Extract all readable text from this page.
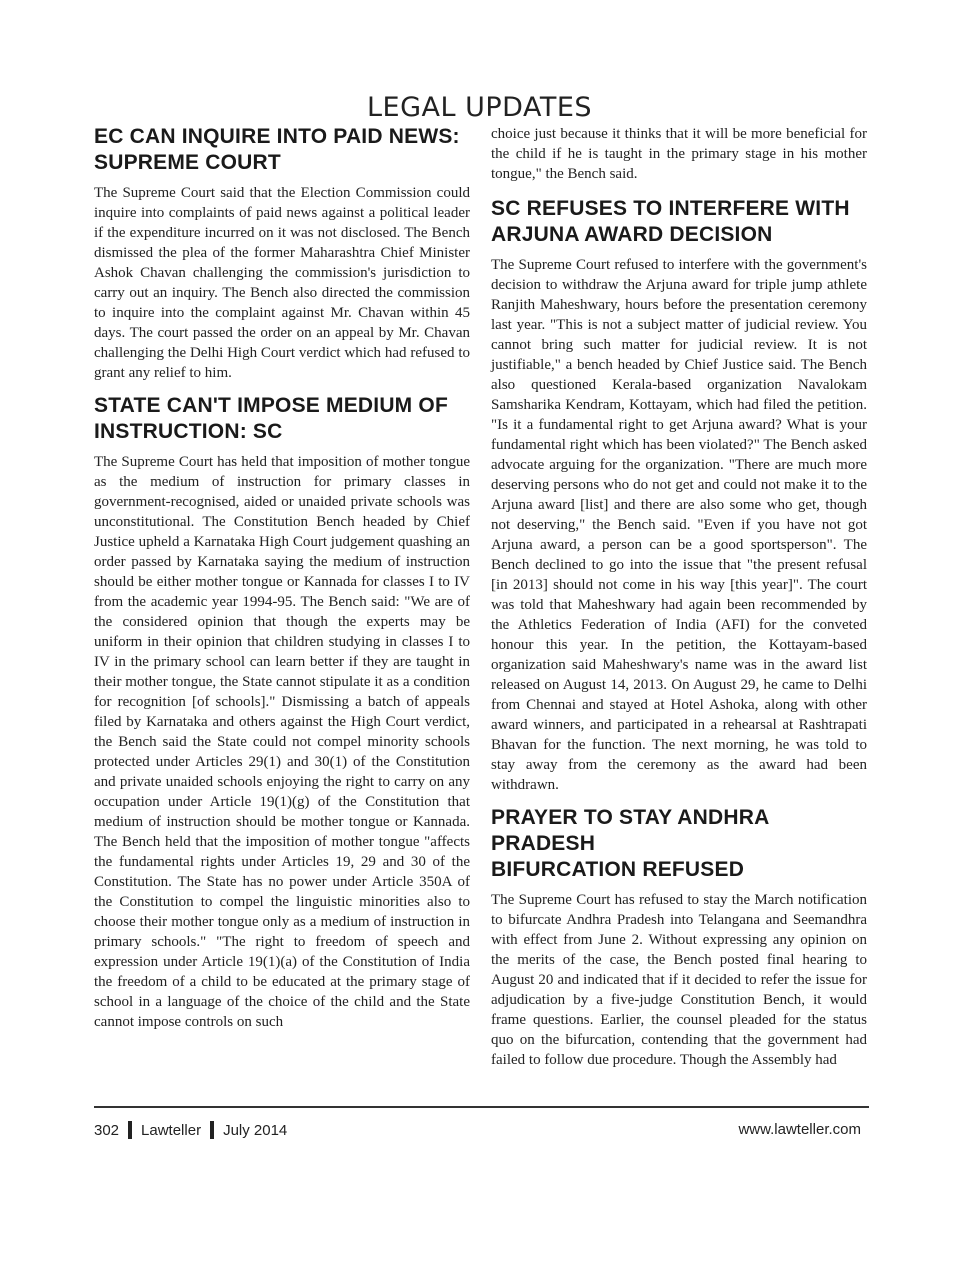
LEGAL UPDATES
EC CAN INQUIRE INTO PAID NEWS:
SUPREME COURT

The Supreme Court said that the Election Commission could inquire into complaints of paid news against a political leader if the expenditure incurred on it was not disclosed. The Bench dismissed the plea of the former Maharashtra Chief Minister Ashok Chavan challenging the commission's jurisdiction to carry out an inquiry. The Bench also directed the commission to inquire into the complaint against Mr. Chavan within 45 days. The court passed the order on an appeal by Mr. Chavan challenging the Delhi High Court verdict which had refused to grant any relief to him.

STATE CAN'T IMPOSE MEDIUM OF
INSTRUCTION: SC

The Supreme Court has held that imposition of mother tongue as the medium of instruction for primary classes in government-recognised, aided or unaided private schools was unconstitutional. The Constitution Bench headed by Chief Justice upheld a Karnataka High Court judgement quashing an order passed by Karnataka saying the medium of instruction should be either mother tongue or Kannada for classes I to IV from the academic year 1994-95. The Bench said: "We are of the considered opinion that though the experts may be uniform in their opinion that children studying in classes I to IV in the primary school can learn better if they are taught in their mother tongue, the State cannot stipulate it as a condition for recognition [of schools]." Dismissing a batch of appeals filed by Karnataka and others against the High Court verdict, the Bench said the State could not compel minority schools protected under Articles 29(1) and 30(1) of the Constitution and private unaided schools enjoying the right to carry on any occupation under Article 19(1)(g) of the Constitution that medium of instruction should be mother tongue or Kannada. The Bench held that the imposition of mother tongue "affects the fundamental rights under Articles 19, 29 and 30 of the Constitution. The State has no power under Article 350A of the Constitution to compel the linguistic minorities also to choose their mother tongue only as a medium of instruction in primary schools." "The right to freedom of speech and expression under Article 19(1)(a) of the Constitution of India the freedom of a child to be educated at the primary stage of school in a language of the choice of the child and the State cannot impose controls on such

choice just because it thinks that it will be more beneficial for the child if he is taught in the primary stage in his mother tongue," the Bench said.

SC REFUSES TO INTERFERE WITH
ARJUNA AWARD DECISION

The Supreme Court refused to interfere with the government's decision to withdraw the Arjuna award for triple jump athlete Ranjith Maheshwary, hours before the presentation ceremony last year. "This is not a subject matter of judicial review. You cannot bring such matter for judicial review. It is not justifiable," a bench headed by Chief Justice said. The Bench also questioned Kerala-based organization Navalokam Samsharika Kendram, Kottayam, which had filed the petition. "Is it a fundamental right to get Arjuna award? What is your fundamental right which has been violated?" The Bench asked advocate arguing for the organization. "There are much more deserving persons who do not get and could not make it to the Arjuna award [list] and there are also some who get, though not deserving," the Bench said. "Even if you have not got Arjuna award, a person can be a good sportsperson". The Bench declined to go into the issue that "the present refusal [in 2013] should not come in his way [this year]". The court was told that Maheshwary had again been recommended by the Athletics Federation of India (AFI) for the conveted honour this year. In the petition, the Kottayam-based organization said Maheshwary's name was in the award list released on August 14, 2013. On August 29, he came to Delhi from Chennai and stayed at Hotel Ashoka, along with other award winners, and participated in a rehearsal at Rashtrapati Bhavan for the function. The next morning, he was told to stay away from the ceremony as the award had been withdrawn.

PRAYER TO STAY ANDHRA PRADESH
BIFURCATION REFUSED

The Supreme Court has refused to stay the March notification to bifurcate Andhra Pradesh into Telangana and Seemandhra with effect from June 2. Without expressing any opinion on the merits of the case, the Bench posted final hearing to August 20 and indicated that if it decided to refer the issue for adjudication by a five-judge Constitution Bench, it would frame questions. Earlier, the counsel pleaded for the status quo on the bifurcation, contending that the government had failed to follow due procedure. Though the Assembly had

302 Lawteller July 2014	www.lawteller.com
